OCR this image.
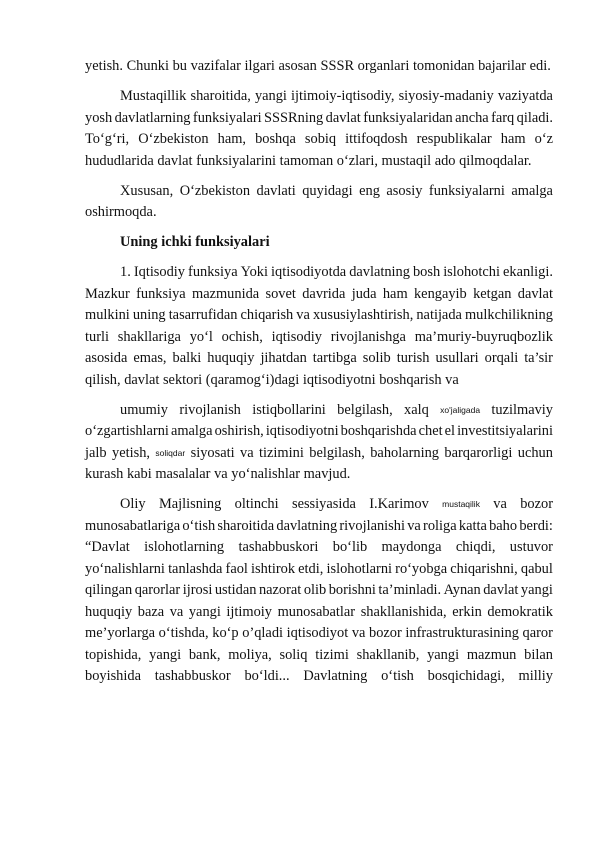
yetish. Chunki bu vazifalar ilgari asosan SSSR organlari tomonidan bajarilar edi.
Mustaqillik sharoitida, yangi ijtimoiy-iqtisodiy, siyosiy-madaniy vaziyatda
yosh davlatlarning funksiyalari SSSRning davlat funksiyalaridan ancha farq qiladi.
To‘g‘ri, O‘zbekiston ham, boshqa sobiq ittifoqdosh respublikalar ham o‘z
hududlarida davlat funksiyalarini tamoman o‘zlari, mustaqil ado qilmoqdalar.
Xususan, O‘zbekiston davlati quyidagi eng asosiy funksiyalarni amalga
oshirmoqda.
Uning ichki funksiyalari
1. Iqtisodiy funksiya Yoki iqtisodiyotda davlatning bosh islohotchi ekanligi.
Mazkur funksiya mazmunida sovet davrida juda ham kengayib ketgan davlat
mulkini uning tasarrufidan chiqarish va xususiylashtirish, natijada mulkchilikning
turli shakllariga yo‘l ochish, iqtisodiy rivojlanishga ma’muriy-buyruqbozlik
asosida emas, balki huquqiy jihatdan tartibga solib turish usullari orqali ta’sir
qilish, davlat sektori (qaramog‘i)dagi iqtisodiyotni boshqarish va
umumiy rivojlanish istiqbollarini belgilash, xalq xo'jaligada tuzilmaviy
o‘zgartishlarni amalga oshirish, iqtisodiyotni boshqarishda chet el investitsiyalarini
jalb yetish, soliqdar siyosati va tizimini belgilash, baholarning barqarorligi uchun
kurash kabi masalalar va yo‘nalishlar mavjud.
Oliy Majlisning oltinchi sessiyasida I.Karimov mustaqilik va bozor
munosabatlariga o‘tish sharoitida davlatning rivojlanishi va roliga katta baho berdi:
“Davlat islohotlarning tashabbuskori bo‘lib maydonga chiqdi, ustuvor
yo‘nalishlarni tanlashda faol ishtirok etdi, islohotlarni ro‘yobga chiqarishni, qabul
qilingan qarorlar ijrosi ustidan nazorat olib borishni ta’minladi. Aynan davlat yangi
huquqiy baza va yangi ijtimoiy munosabatlar shakllanishida, erkin demokratik
me’yorlarga o‘tishda, ko‘p o’qladi iqtisodiyot va bozor infrastrukturasining qaror
topishida, yangi bank, moliya, soliq tizimi shakllanib, yangi mazmun bilan
boyishida tashabbuskor bo‘ldi... Davlatning o‘tish bosqichidagi, milliy
